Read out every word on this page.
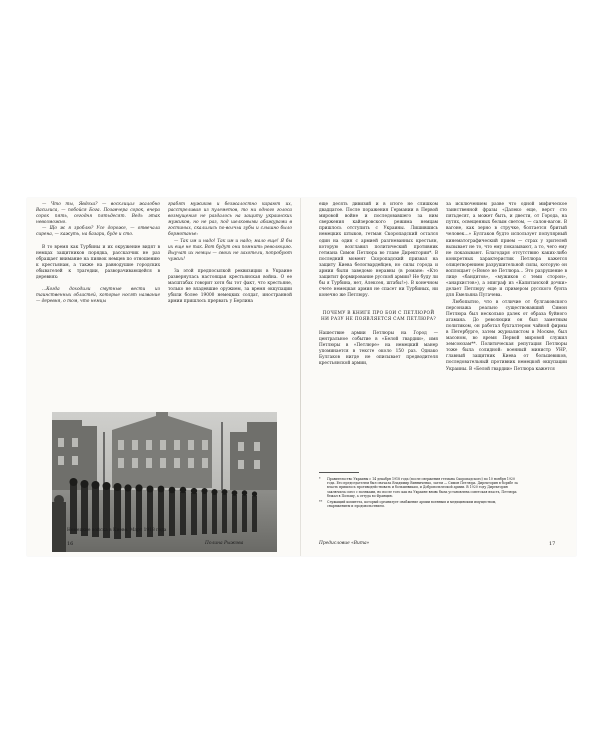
— Что ты, Явдоха? — восклицал жалобно Василиса, — побойся Бога. Позавчера сорок, вчера сорок пять, сегодня пятьдесят. Ведь этак невозможно.

— Що ж я зроблю? Усе дороже, — отвечала сирена, — кажуть, на базари, буде и сто.

В то время как Турбины и их окружение видят в немцах защитников порядка, рассказчик не раз обращает внимание на пиявок немцев по отношению к крестьянам, а также на равнодушие городских обывателей к трагедии, разворачивающейся в деревнях:

…Когда доходили смутные вести из таинственных областей, которые носят название — деревня, о том, что немцы

грабят мужиков и безжалостно карают их, расстреливая из пулеметов, то ни одного голоса возмущения не раздалось на защиту украинских мужиков, но не раз, под шелковыми абажурами в гостиных, скалились по-волчьи зубы и слышно было бормотанье:

— Так им и надо! Так им и надо; мало еще! Я бы их еще не так. Вот будут они помнить революцию. Выучат их немцы — своих не захотели, попробуют чужих!

За этой предпосылкой реквизиции в Украине развернулась настоящая крестьянская война. О ее масштабах говорит хотя бы тот факт, что крестьяне, только не владевшие оружием, за время оккупации убили более 19000 немецких солдат, иностранной армии пришлось прервать у Берлина

Немецкие войска в Киеве. Март 1918 года
16	Полина Рыжова

еще десять дивизий и в итоге не слишком двадцатое. После поражения Германии в Первой мировой войне и последовавшего за ним свержения кайзеровского режима немцам пришлось отступить с Украины. Лишившись немецких штыков, гетман Скоропадский остался один на один с армией разгневанных крестьян, которую возглавил политический противник гетмана Симон Петлюра во главе Директории*. В последний момент Скоропадский призвал на защиту Киева белогвардейцев, но силы города и армии были заведомо неравны (в романе: «Кто защитит формирование русской армии? Не буду ли бы я Турбина, нет, Алексея, штабы!»). В конечном счете немецкая армия не спасет ни Турбиных, ни конечно же Петлюру.

ПОЧЕМУ В КНИГЕ ПРО БОИ С ПЕТЛЮРОЙ НИ РАЗУ НЕ ПОЯВЛЯЕТСЯ САМ ПЕТЛЮРА?

Нашествие армии Петлюры на Город — центральное событие в «Белой гвардии», имя Петлюры в «Петлюре» на немецкий манер упоминается в тексте около 150 раз. Однако Булгаков нигде не описывает предводителя крестьянской армии,

за исключением разве что одной мифическое таинственной фразы «Далеко еще, верст сто пятьдесят, а может быть, и двести, от Города, на путях, освещенных белым светом, — салон-вагон. В вагоне, как зерно в стручке, болтается бритый человек…» Булгаков будто использует популярный кинематографический прием — страх у зрителей вызывает не то, что ему показывают, а то, чего ему не показывают. Благодаря отсутствию каких-либо конкретных характеристик Петлюра кажется олицетворением разрушительной силы, которую он воплощает («Вовсе не Петлюра… Это разрушение в лице «бандитов», «мужиков с теми сторон», «анархистов»), а эпиграф из «Капитанской дочки» делает Петлюру еще и примером русского бунта для Емельяна Пугачева.

Любопытно, что в отличие от булгаковского персонажа реально существовавший Симон Петлюра был несколько далек от образа буйного атамана. До революции он был заметным политиком, он работал бухгалтером чайной фирмы в Петербурге, затем журналистом в Москве, был масоном, во время Первой мировой служил земсоюзам**. Политическая репутация Петлюры тоже была солидной: военный министр УНР, главный защитник Киева от большевиков, последовательный противник немецкой оккупации Украины. В «Белой гвардии» Петлюра кажется

*	Правительство Украины с 14 декабря 1918 года (после свержения гетмана Скоропадского) по 10 ноября 1920 года. Его председателем был сначала Владимир Винниченко, затем — Симон Петлюра. Директория в борьбе за власть пришлось противодействовать и большевикам, и Добровольческой армии. В 1920 году Директория заключила союз с поляками, но после того как на Украине вновь была установлена советская власть, Петлюра бежал в Польшу, а оттуда во Францию.
**	Служащий комитета, который организует снабжение армии военным и медицинским имуществом, снаряжением и продовольствием.
Предисловие «Вита»	17
